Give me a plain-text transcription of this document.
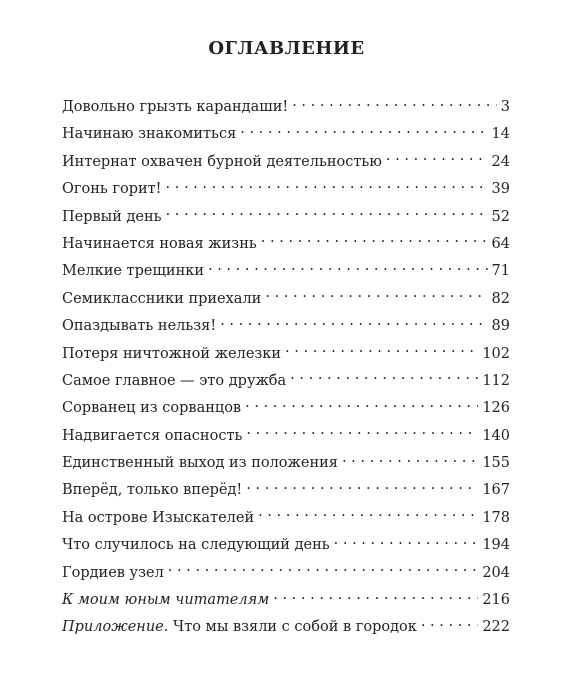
ОГЛАВЛЕНИЕ
Довольно грызть карандаши! . . .	3
Начинаю знакомиться . . .	14
Интернат охвачен бурной деятельностью . . .	24
Огонь горит! . . .	39
Первый день . . .	52
Начинается новая жизнь . . .	64
Мелкие трещинки . . .	71
Семиклассники приехали . . .	82
Опаздывать нельзя! . . .	89
Потеря ничтожной железки . . .	102
Самое главное — это дружба . . .	112
Сорванец из сорванцов . . .	126
Надвигается опасность . . .	140
Единственный выход из положения . . .	155
Вперёд, только вперёд! . . .	167
На острове Изыскателей . . .	178
Что случилось на следующий день . . .	194
Гордиев узел . . .	204
К моим юным читателям . . .	216
Приложение. Что мы взяли с собой в городок . . .	222
